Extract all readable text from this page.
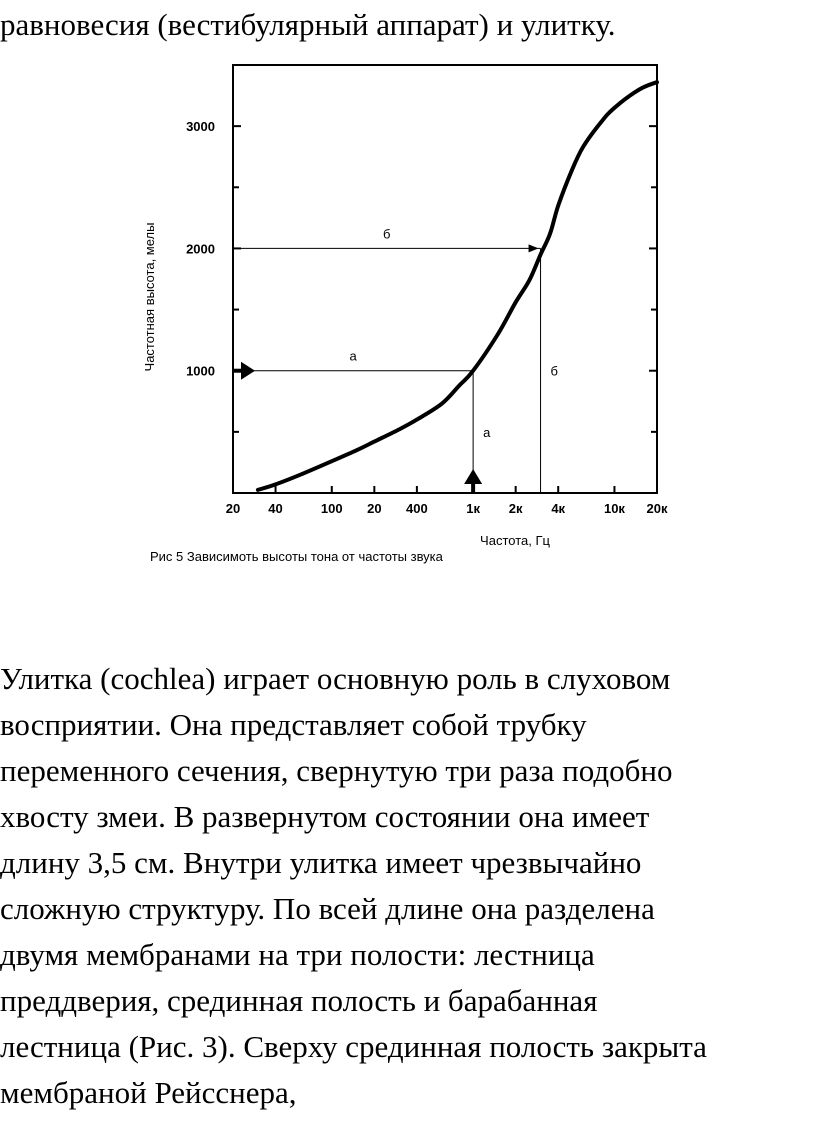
равновесия (вестибулярный аппарат) и улитку.

1000
2000
3000
20 40	100 20 400	1к 2к 4к	10к 20к
а
а
б
б
Частота, Гц
Частотная высота, мелы
Рис 5 Зависимоть высоты тона от частоты звука
Улитка (cochlea) играет основную роль в слуховом
восприятии. Она представляет собой трубку
переменного сечения, свернутую три раза подобно
хвосту змеи. В развернутом состоянии она имеет
длину 3,5 см. Внутри улитка имеет чрезвычайно
сложную структуру. По всей длине она разделена
двумя мембранами на три полости: лестница
преддверия, срединная полость и барабанная
лестница (Рис. 3). Сверху срединная полость закрыта
мембраной Рейсснера,
